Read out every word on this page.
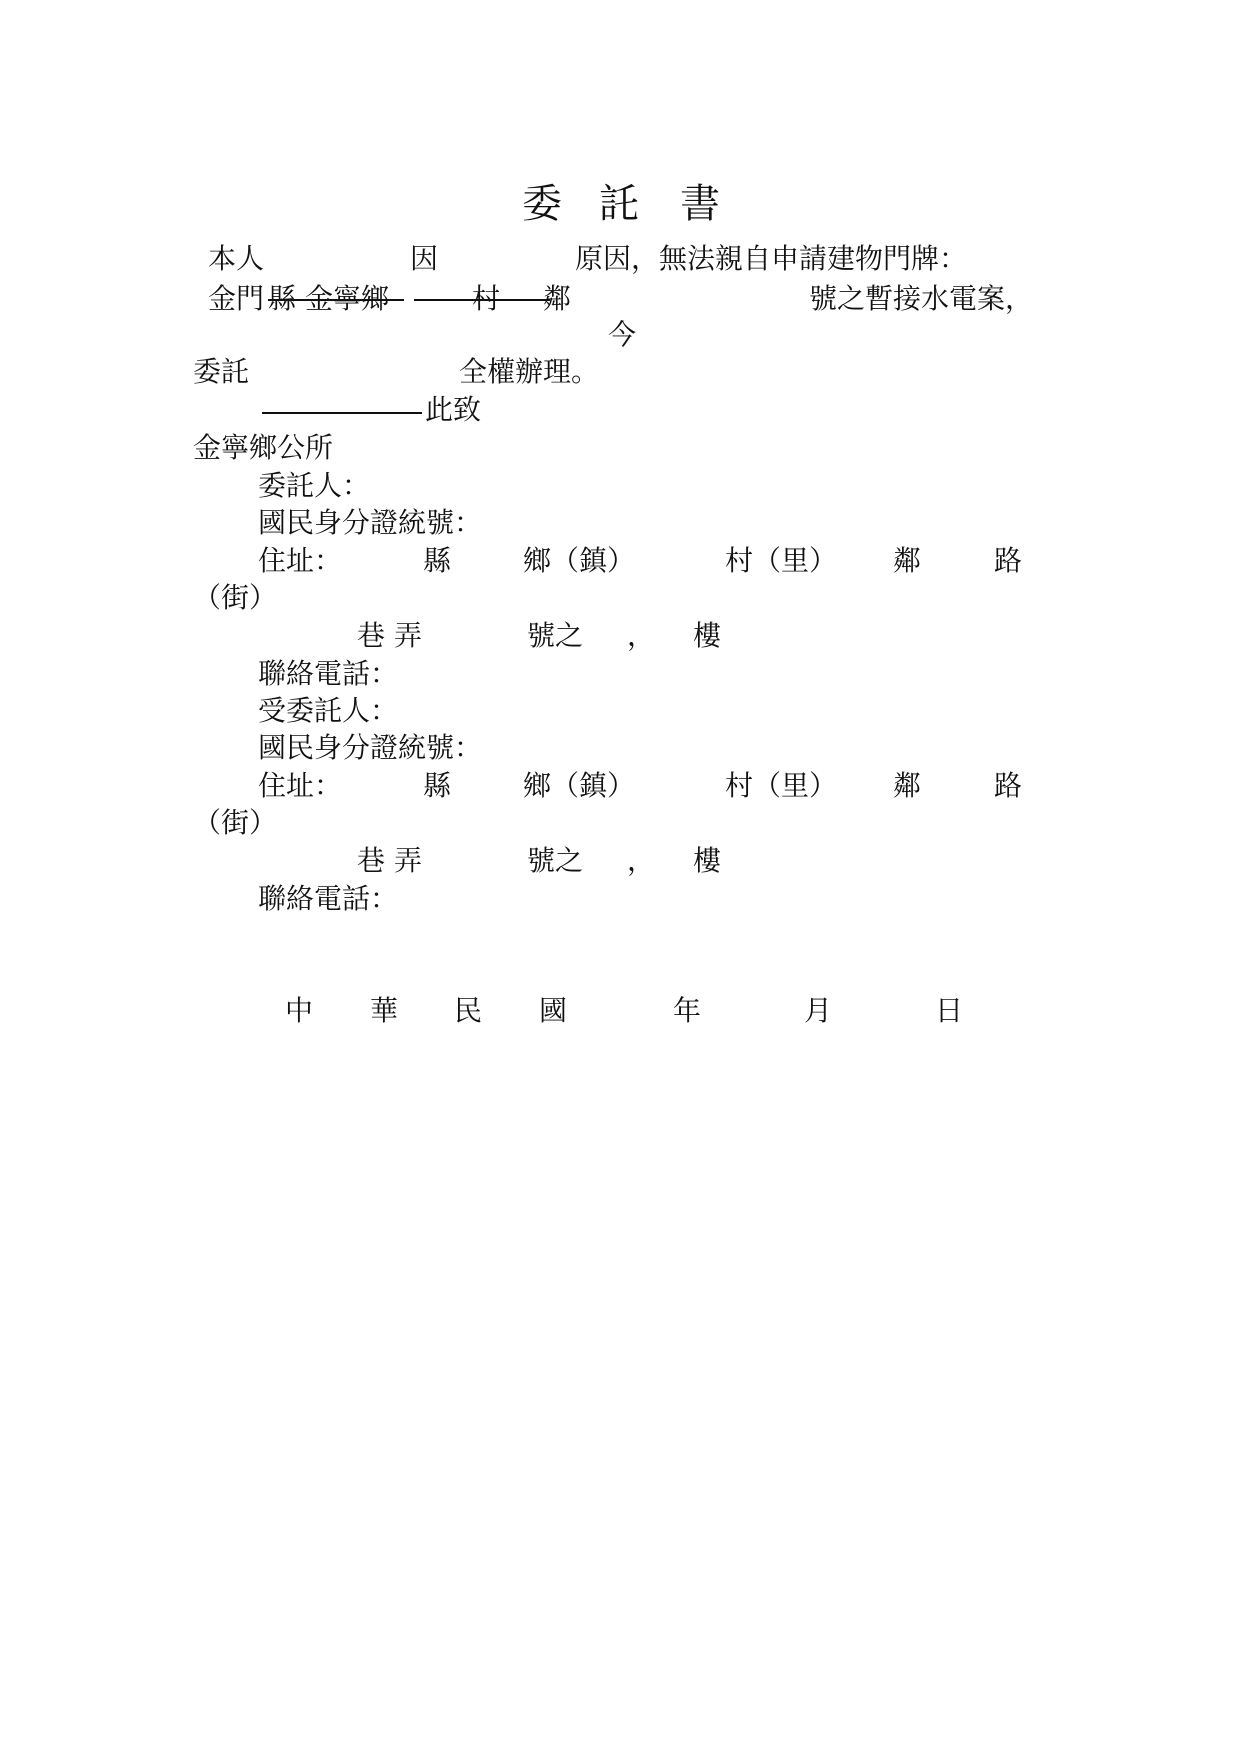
委 託 書
本人	因	原因，無法親自申請建物門牌：
金門 縣 金寧鄉	村 鄰	號之暫接水電案，
今
委託	全權辦理。
此致
金寧鄉公所
委託人：
國民身分證統號：
住址：	縣	鄉（鎮）	村（里） 鄰	路
（街）
巷 弄	號之 ， 樓
聯絡電話：
受委託人：
國民身分證統號：
住址：	縣	鄉（鎮）	村（里） 鄰	路
（街）
巷 弄	號之 ， 樓
聯絡電話：
中 華 民 國	年	月	日
